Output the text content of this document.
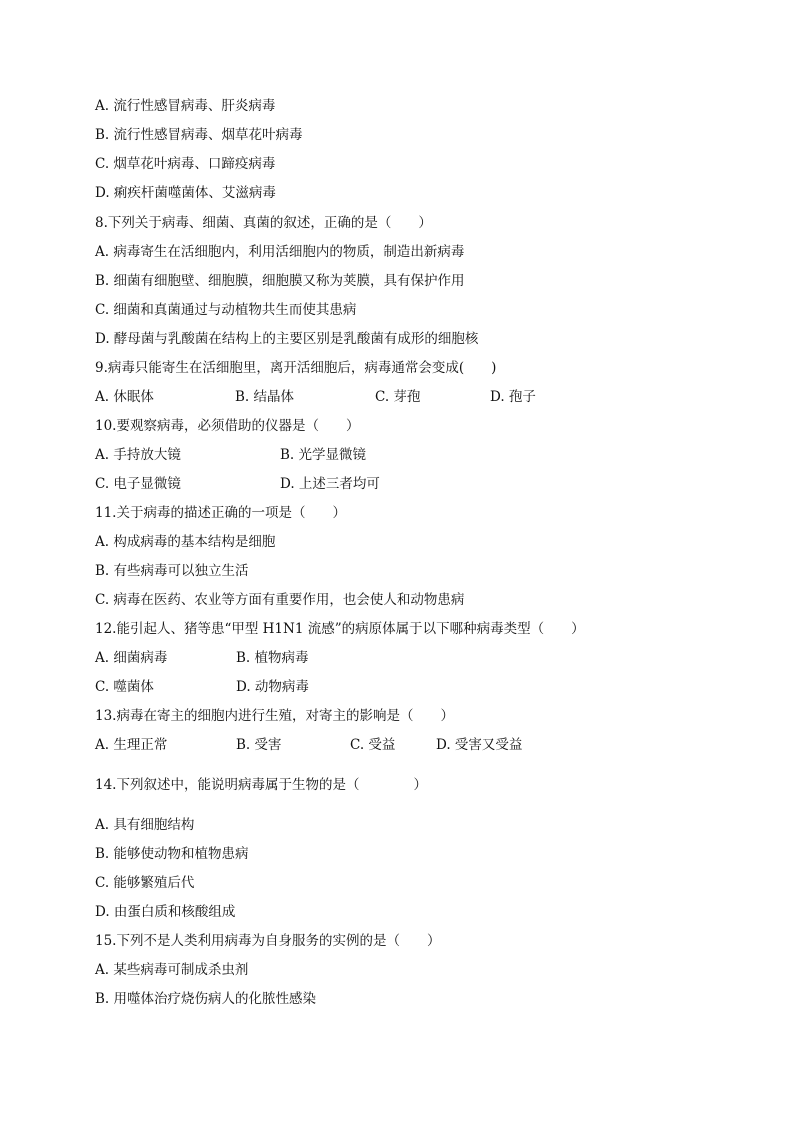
A. 流行性感冒病毒、肝炎病毒
B. 流行性感冒病毒、烟草花叶病毒
C. 烟草花叶病毒、口蹄疫病毒
D. 痢疾杆菌噬菌体、艾滋病毒
8.下列关于病毒、细菌、真菌的叙述，正确的是（　　）
A. 病毒寄生在活细胞内，利用活细胞内的物质，制造出新病毒
B. 细菌有细胞壁、细胞膜，细胞膜又称为荚膜，具有保护作用
C. 细菌和真菌通过与动植物共生而使其患病
D. 酵母菌与乳酸菌在结构上的主要区别是乳酸菌有成形的细胞核
9.病毒只能寄生在活细胞里，离开活细胞后，病毒通常会变成(　　)
A. 休眠体	B. 结晶体	C. 芽孢	D. 孢子
10.要观察病毒，必须借助的仪器是（　　）
A. 手持放大镜	B. 光学显微镜
C. 电子显微镜	D. 上述三者均可
11.关于病毒的描述正确的一项是（　　）
A. 构成病毒的基本结构是细胞
B. 有些病毒可以独立生活
C. 病毒在医药、农业等方面有重要作用，也会使人和动物患病
12.能引起人、猪等患“甲型 H1N1 流感”的病原体属于以下哪种病毒类型（　　）
A. 细菌病毒	B. 植物病毒
C. 噬菌体	D. 动物病毒
13.病毒在寄主的细胞内进行生殖，对寄主的影响是（　　）
A. 生理正常	B. 受害	C. 受益	D. 受害又受益
14.下列叙述中，能说明病毒属于生物的是（　　　　）
A. 具有细胞结构
B. 能够使动物和植物患病
C. 能够繁殖后代
D. 由蛋白质和核酸组成
15.下列不是人类利用病毒为自身服务的实例的是（　　）
A. 某些病毒可制成杀虫剂
B. 用噬体治疗烧伤病人的化脓性感染
